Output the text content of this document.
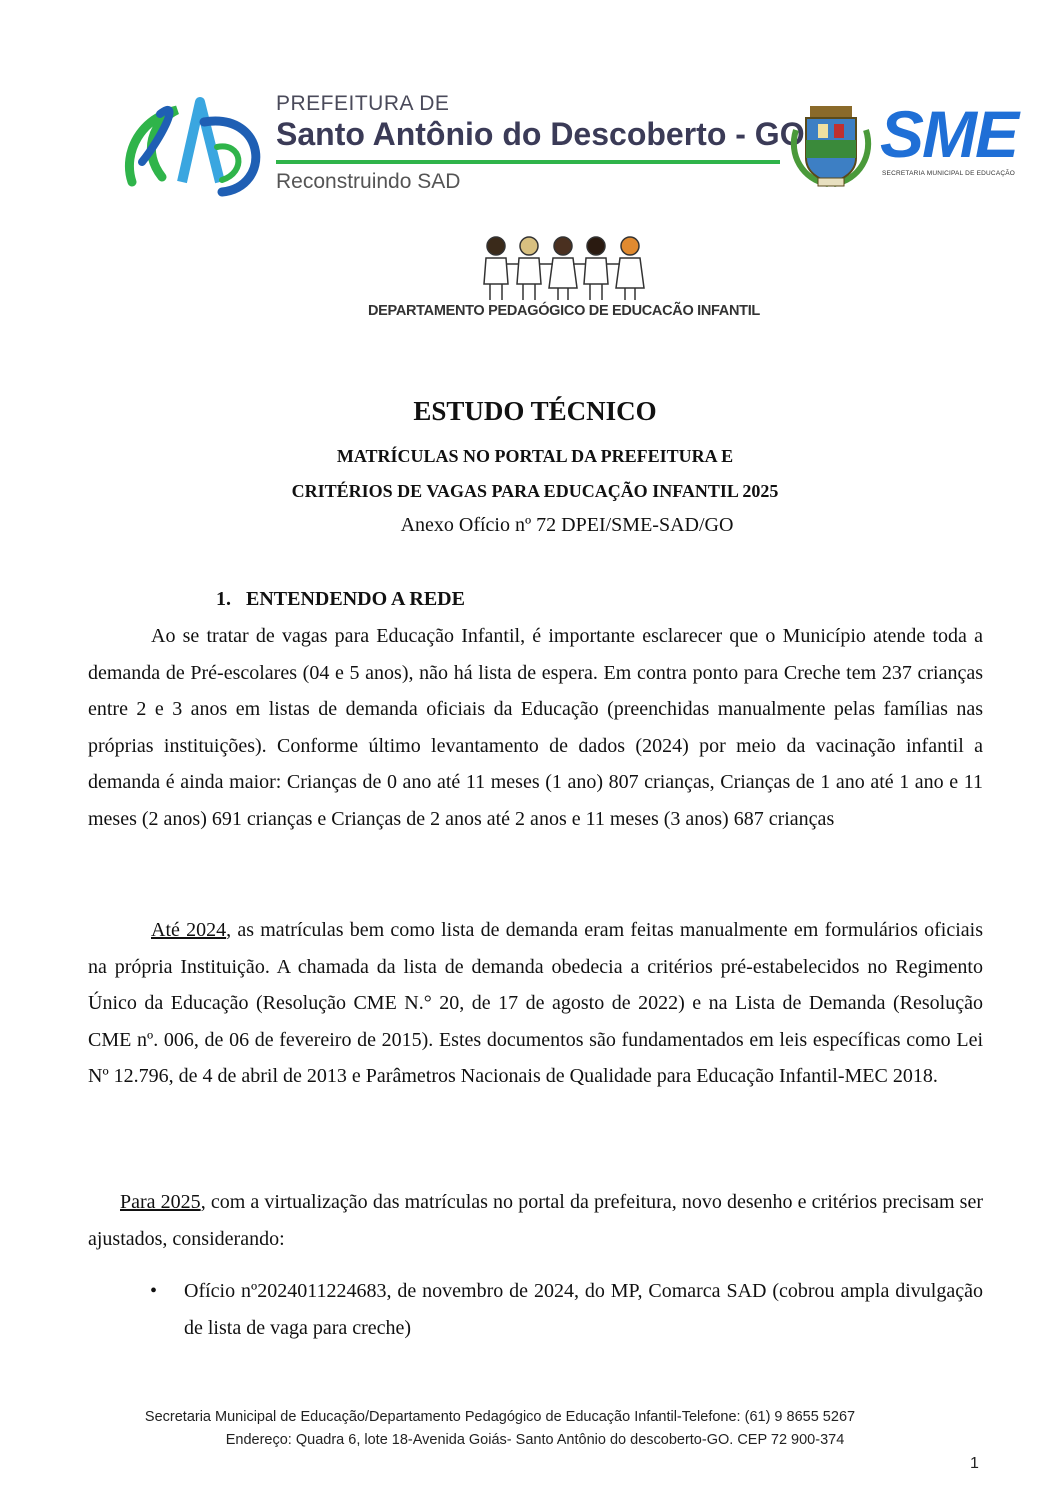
PREFEITURA DE
Santo Antônio do Descoberto - GO
Reconstruindo SAD
SME
SECRETARIA MUNICIPAL DE EDUCAÇÃO
DEPARTAMENTO PEDAGÓGICO DE EDUCACÃO INFANTIL
ESTUDO TÉCNICO
MATRÍCULAS NO PORTAL DA PREFEITURA E
CRITÉRIOS DE VAGAS PARA EDUCAÇÃO INFANTIL 2025
Anexo Ofício nº 72 DPEI/SME-SAD/GO
1. ENTENDENDO A REDE
Ao se tratar de vagas para Educação Infantil, é importante esclarecer que o Município atende toda a demanda de Pré-escolares (04 e 5 anos), não há lista de espera. Em contra ponto para Creche tem 237 crianças entre 2 e 3 anos em listas de demanda oficiais da Educação (preenchidas manualmente pelas famílias nas próprias instituições). Conforme último levantamento de dados (2024) por meio da vacinação infantil a demanda é ainda maior: Crianças de 0 ano até 11 meses (1 ano) 807 crianças, Crianças de 1 ano até 1 ano e 11 meses (2 anos) 691 crianças e Crianças de 2 anos até 2 anos e 11 meses (3 anos) 687 crianças
Até 2024, as matrículas bem como lista de demanda eram feitas manualmente em formulários oficiais na própria Instituição. A chamada da lista de demanda obedecia a critérios pré-estabelecidos no Regimento Único da Educação (Resolução CME N.° 20, de 17 de agosto de 2022) e na Lista de Demanda (Resolução CME nº. 006, de 06 de fevereiro de 2015). Estes documentos são fundamentados em leis específicas como Lei Nº 12.796, de 4 de abril de 2013 e Parâmetros Nacionais de Qualidade para Educação Infantil-MEC 2018.
Para 2025, com a virtualização das matrículas no portal da prefeitura, novo desenho e critérios precisam ser ajustados, considerando:
•	Ofício nº2024011224683, de novembro de 2024, do MP, Comarca SAD (cobrou ampla divulgação de lista de vaga para creche)
Secretaria Municipal de Educação/Departamento Pedagógico de Educação Infantil-Telefone: (61) 9 8655 5267
Endereço: Quadra 6, lote 18-Avenida Goiás- Santo Antônio do descoberto-GO. CEP 72 900-374
1
